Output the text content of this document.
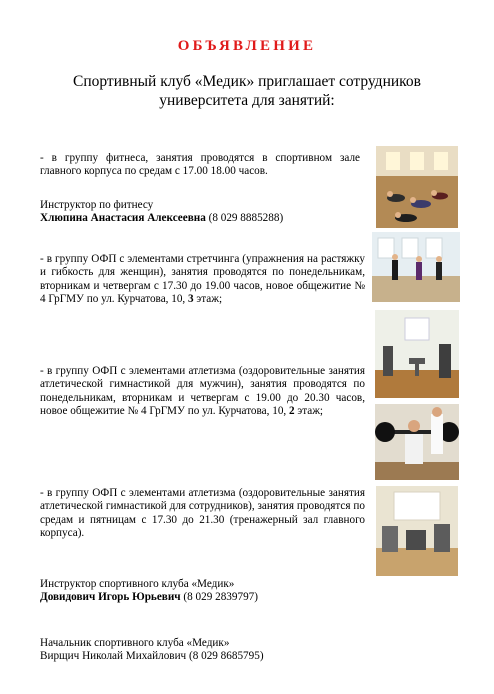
ОБЪЯВЛЕНИЕ
Спортивный клуб «Медик» приглашает сотрудников университета для занятий:
- в группу фитнеса, занятия проводятся в спортивном зале главного корпуса по средам с 17.00 18.00 часов.
Инструктор по фитнесу
Хлюпина Анастасия Алексеевна (8 029 8885288)
- в группу ОФП с элементами стретчинга (упражнения на растяжку и гибкость для женщин), занятия проводятся по понедельникам, вторникам и четвергам с 17.30 до 19.00 часов, новое общежитие № 4 ГрГМУ по ул. Курчатова, 10, 3 этаж;
- в группу ОФП с элементами атлетизма (оздоровительные занятия атлетической гимнастикой для мужчин), занятия проводятся по понедельникам, вторникам и четвергам с 19.00 до 20.30 часов, новое общежитие № 4 ГрГМУ по ул. Курчатова, 10, 2 этаж;
- в группу ОФП с элементами атлетизма (оздоровительные занятия атлетической гимнастикой для сотрудников), занятия проводятся по средам и пятницам с 17.30 до 21.30 (тренажерный зал главного корпуса).
Инструктор спортивного клуба «Медик»
Довидович Игорь Юрьевич (8 029 2839797)
Начальник спортивного клуба «Медик»
Вирщич Николай Михайлович (8 029 8685795)
